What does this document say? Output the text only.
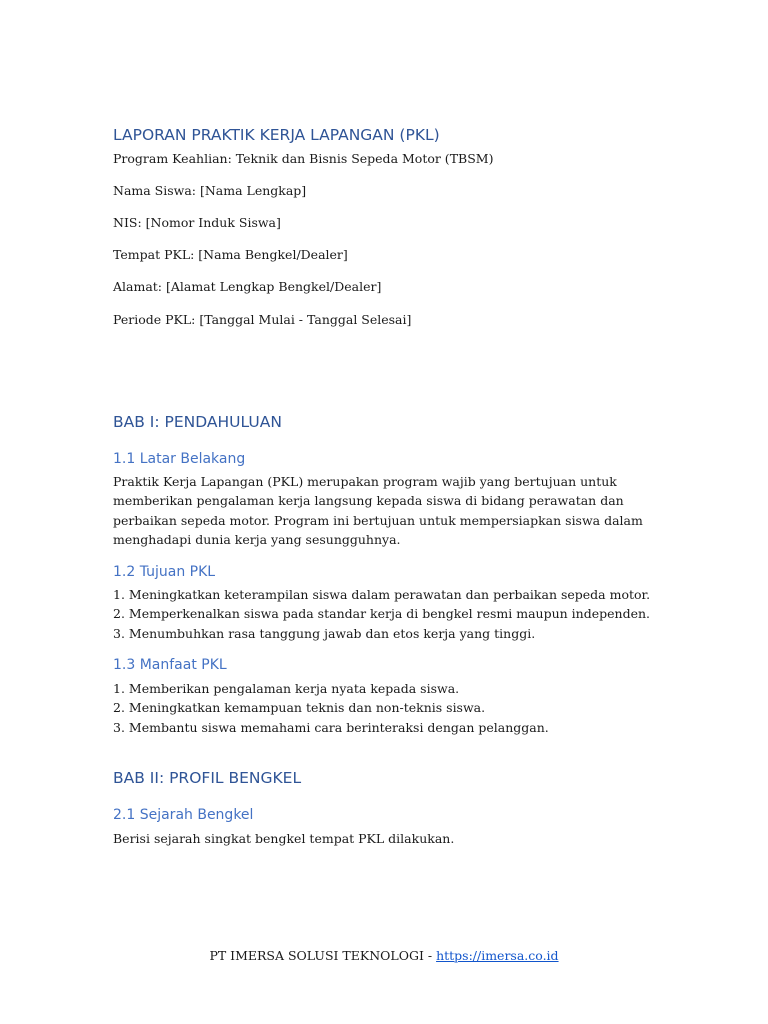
LAPORAN PRAKTIK KERJA LAPANGAN (PKL)

Program Keahlian: Teknik dan Bisnis Sepeda Motor (TBSM)

Nama Siswa: [Nama Lengkap]

NIS: [Nomor Induk Siswa]

Tempat PKL: [Nama Bengkel/Dealer]

Alamat: [Alamat Lengkap Bengkel/Dealer]

Periode PKL: [Tanggal Mulai - Tanggal Selesai]

BAB I: PENDAHULUAN
1.1 Latar Belakang

Praktik Kerja Lapangan (PKL) merupakan program wajib yang bertujuan untuk memberikan pengalaman kerja langsung kepada siswa di bidang perawatan dan perbaikan sepeda motor. Program ini bertujuan untuk mempersiapkan siswa dalam menghadapi dunia kerja yang sesungguhnya.

1.2 Tujuan PKL
1. Meningkatkan keterampilan siswa dalam perawatan dan perbaikan sepeda motor.
2. Memperkenalkan siswa pada standar kerja di bengkel resmi maupun independen.
3. Menumbuhkan rasa tanggung jawab dan etos kerja yang tinggi.
1.3 Manfaat PKL
1. Memberikan pengalaman kerja nyata kepada siswa.
2. Meningkatkan kemampuan teknis dan non-teknis siswa.
3. Membantu siswa memahami cara berinteraksi dengan pelanggan.
BAB II: PROFIL BENGKEL
2.1 Sejarah Bengkel

Berisi sejarah singkat bengkel tempat PKL dilakukan.

PT IMERSA SOLUSI TEKNOLOGI - https://imersa.co.id
